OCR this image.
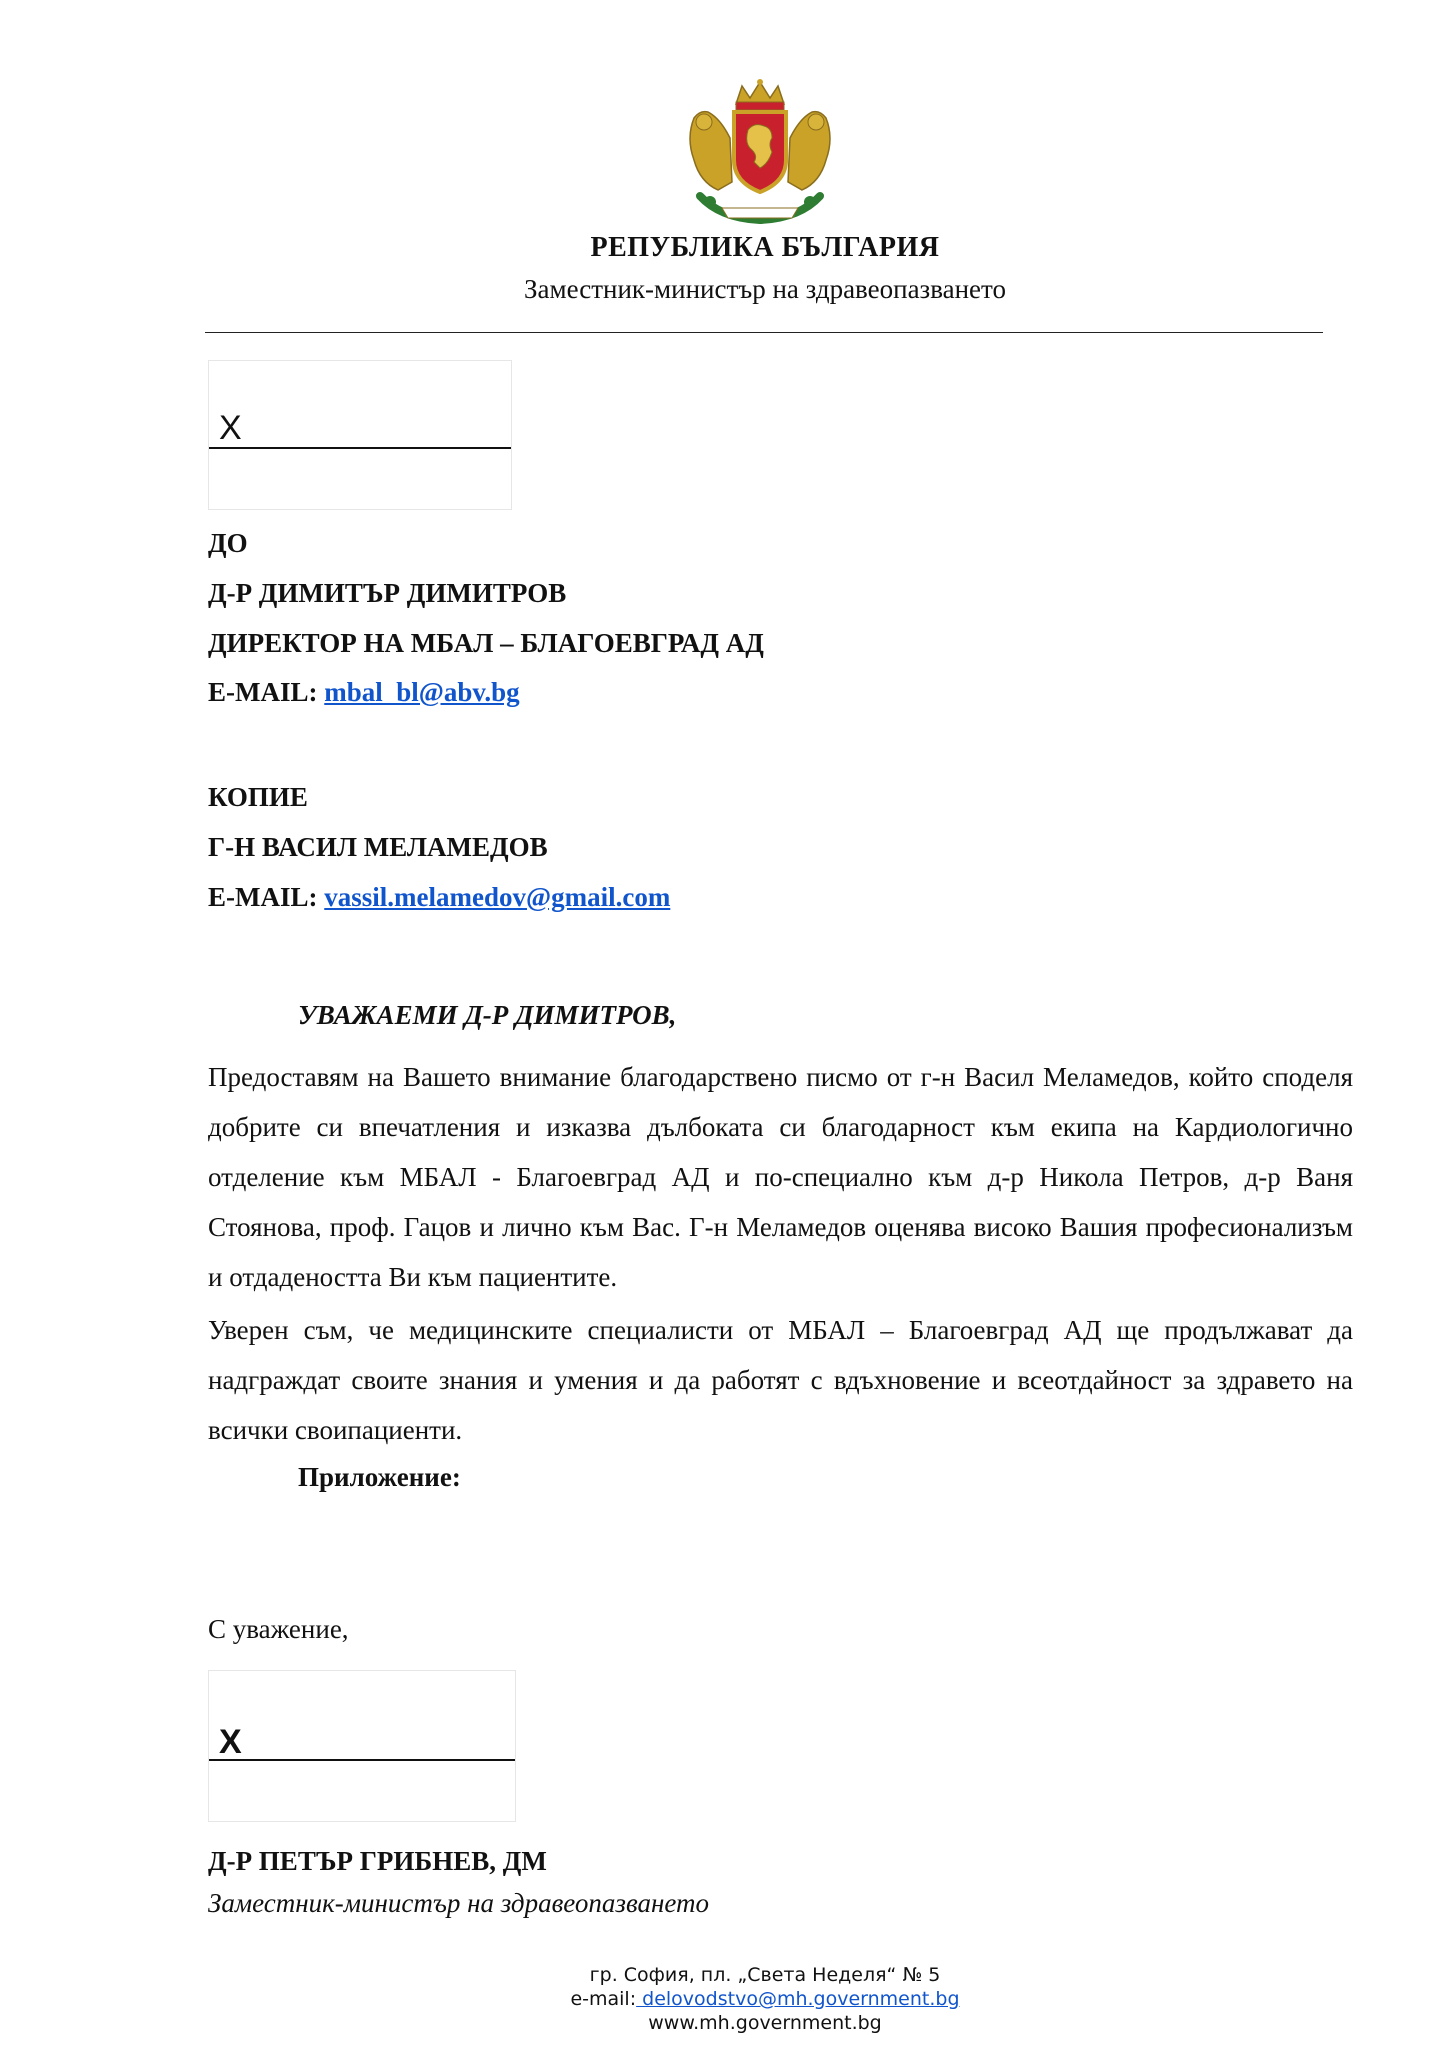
РЕПУБЛИКА БЪЛГАРИЯ
Заместник-министър на здравеопазването
X
ДО
Д-Р ДИМИТЪР ДИМИТРОВ
ДИРЕКТОР НА МБАЛ – БЛАГОЕВГРАД АД
E-MAIL: mbal_bl@abv.bg
КОПИЕ
Г-Н ВАСИЛ МЕЛАМЕДОВ
E-MAIL: vassil.melamedov@gmail.com
УВАЖАЕМИ Д-Р ДИМИТРОВ,
Предоставям на Вашето внимание благодарствено писмо от г-н Васил Меламедов, който споделя добрите си впечатления и изказва дълбоката си благодарност към екипа на Кардиологично отделение към МБАЛ - Благоевград АД и по-специално към д-р Никола Петров, д-р Ваня Стоянова, проф. Гацов и лично към Вас. Г-н Меламедов оценява високо Вашия професионализъм и отдадеността Ви към пациентите.
Уверен съм, че медицинските специалисти от МБАЛ – Благоевград АД ще продължават да надграждат своите знания и умения и да работят с вдъхновение и всеотдайност за здравето на всички своипациенти.
Приложение:
С уважение,
X
Д-Р ПЕТЪР ГРИБНЕВ, ДМ
Заместник-министър на здравеопазването
гр. София, пл. „Света Неделя“ № 5
e-mail: delovodstvo@mh.government.bg
www.mh.government.bg
